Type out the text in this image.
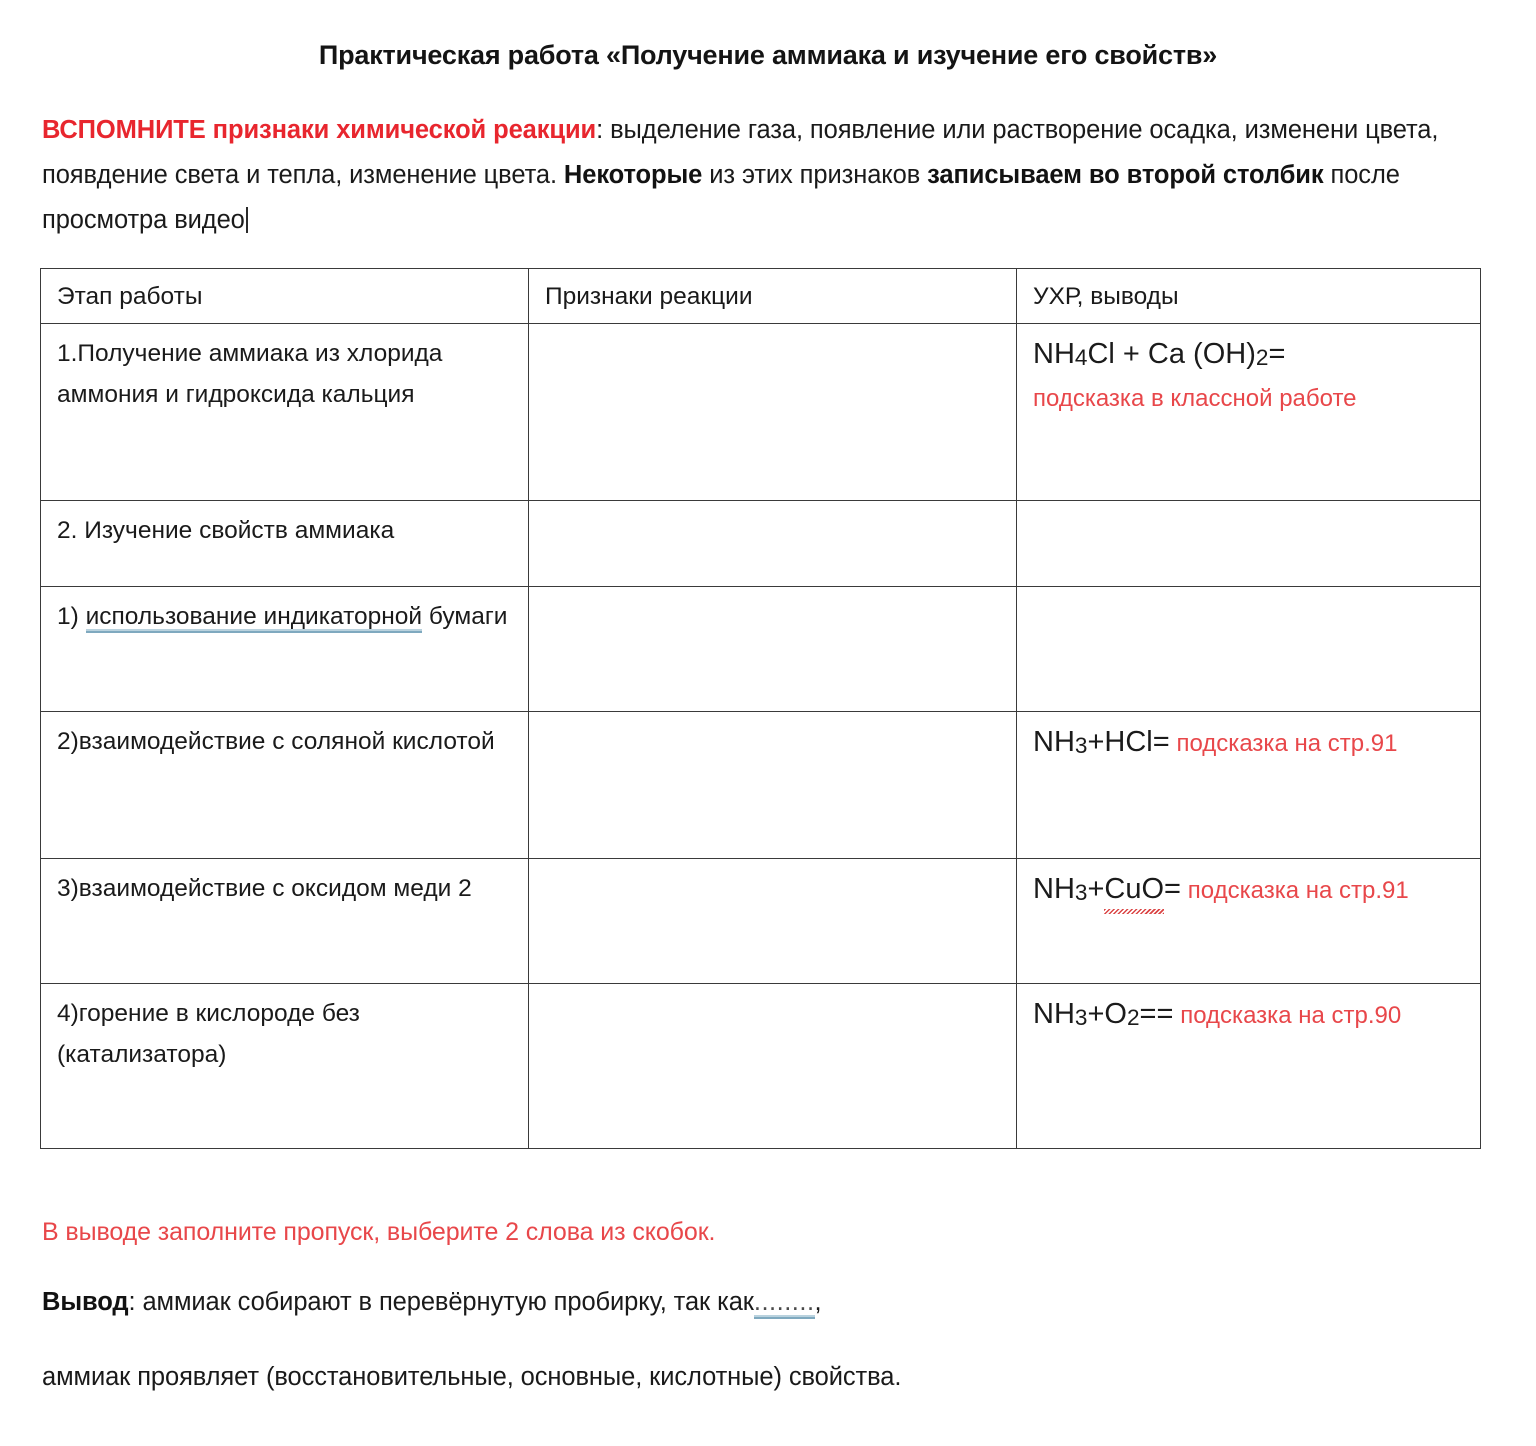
Практическая работа «Получение аммиака и изучение его свойств»
ВСПОМНИТЕ признаки химической реакции: выделение газа, появление или растворение осадка, изменени цвета, появдение света и тепла, изменение цвета. Некоторые из этих признаков записываем во второй столбик после просмотра видео
Этап работы	Признаки реакции	УХР, выводы
1.Получение аммиака из хлорида аммония и гидроксида кальция		$NH_4Cl + Ca$ $(OH)_2=$
подсказка в классной работе

2. Изучение свойств аммиака		
1) использование индикаторной бумаги		
2)взаимодействие с соляной кислотой		$NH_3+HCl=$ подсказка на стр.91
3)взаимодействие с оксидом меди 2		$NH_3+CuO=$ подсказка на стр.91
4)горение в кислороде без (катализатора)		$NH_3+O_2==$ подсказка на стр.90
В выводе заполните пропуск, выберите 2 слова из скобок.
Вывод: аммиак собирают в перевёрнутую пробирку, так как........,
аммиак проявляет (восстановительные, основные, кислотные) свойства.
